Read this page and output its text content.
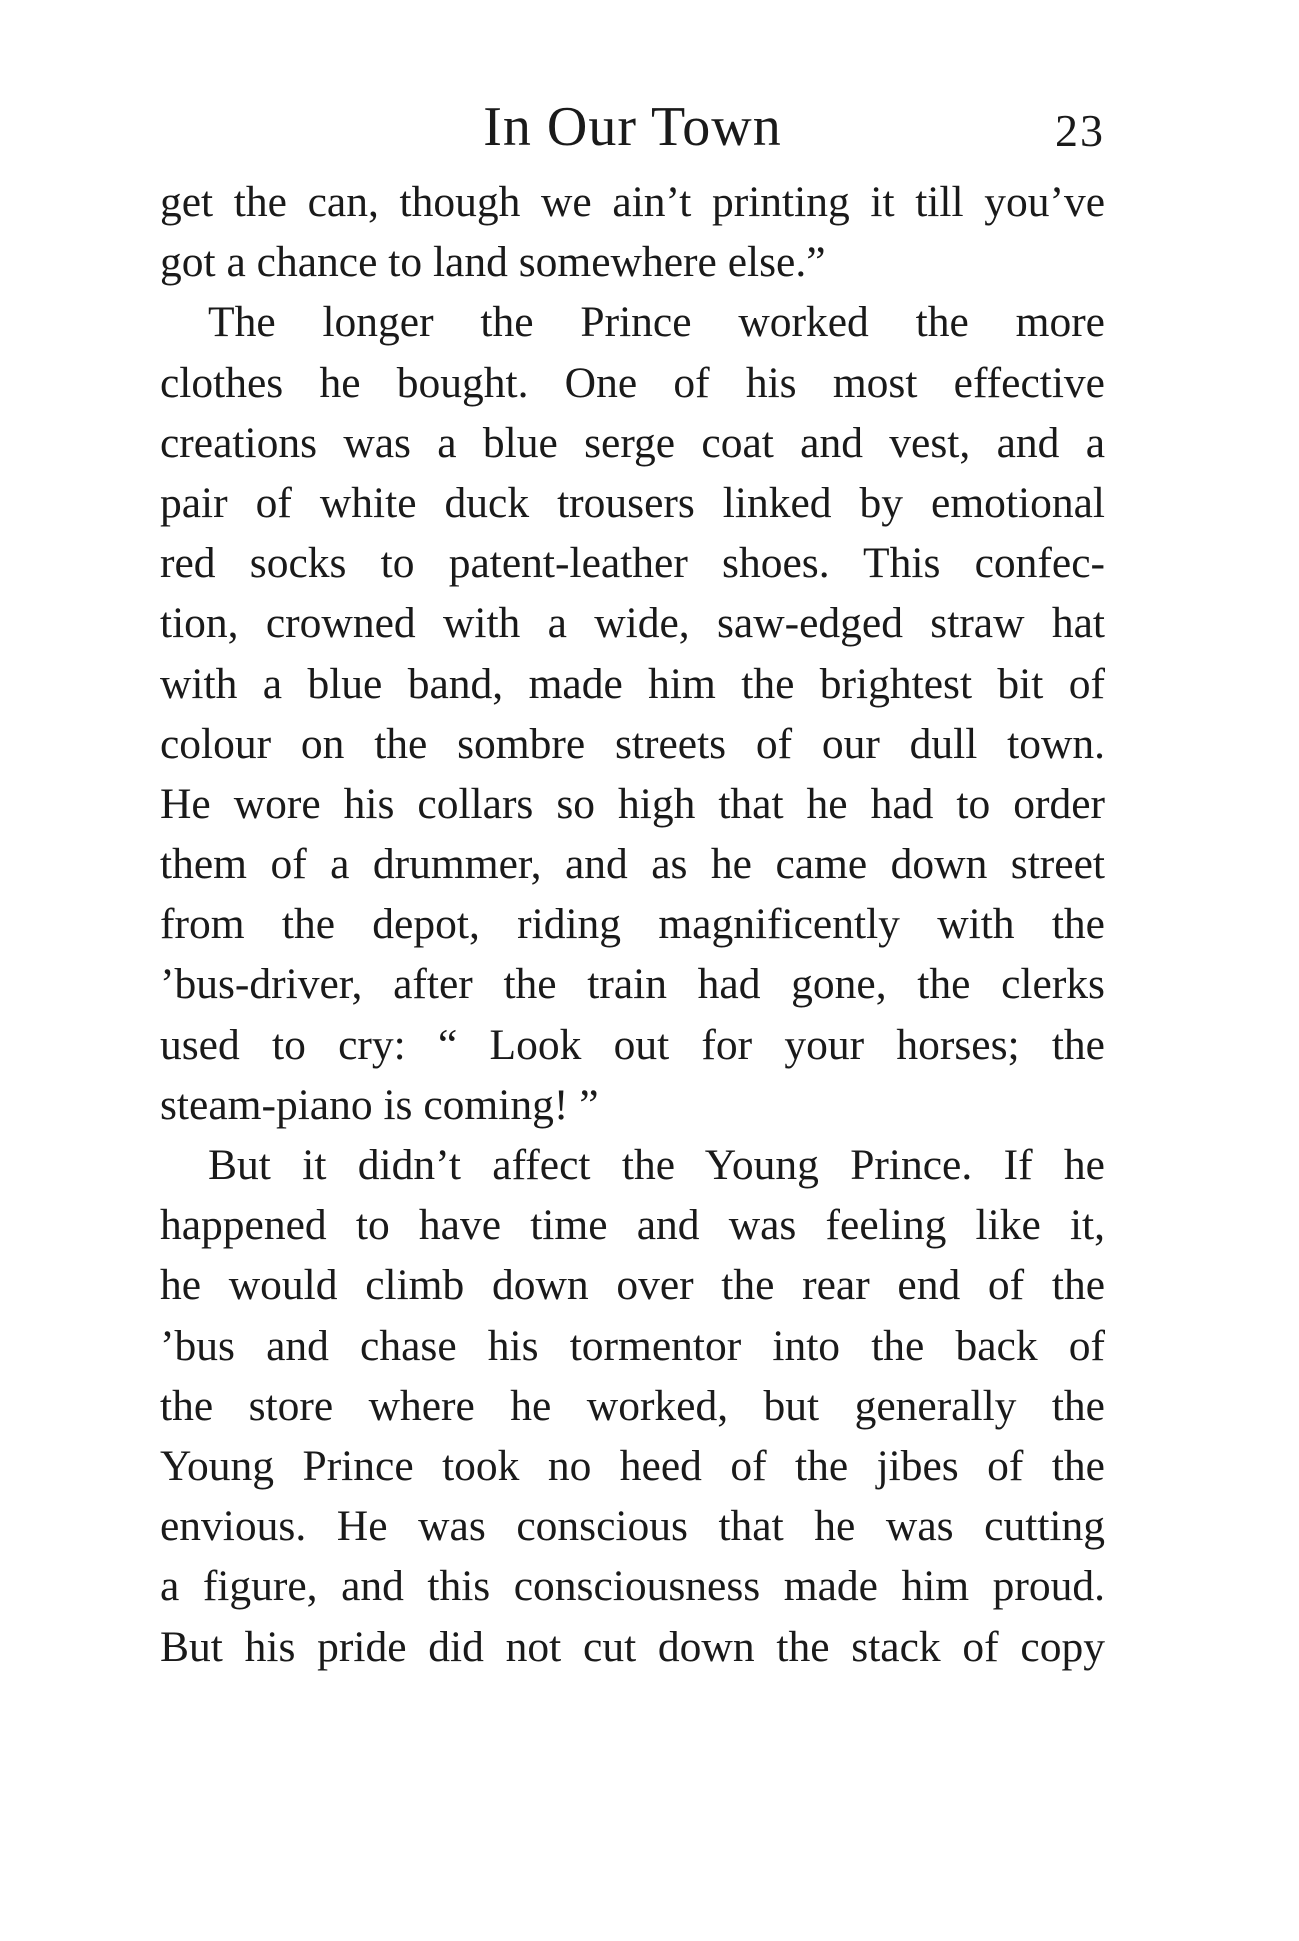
In Our Town	23
get the can, though we ain’t printing it till you’ve
got a chance to land somewhere else.”
The longer the Prince worked the more
clothes he bought. One of his most effective
creations was a blue serge coat and vest, and a
pair of white duck trousers linked by emotional
red socks to patent-leather shoes. This confec-
tion, crowned with a wide, saw-edged straw hat
with a blue band, made him the brightest bit of
colour on the sombre streets of our dull town.
He wore his collars so high that he had to order
them of a drummer, and as he came down street
from the depot, riding magnificently with the
’bus-driver, after the train had gone, the clerks
used to cry: “ Look out for your horses; the
steam-piano is coming! ”
But it didn’t affect the Young Prince. If he
happened to have time and was feeling like it,
he would climb down over the rear end of the
’bus and chase his tormentor into the back of
the store where he worked, but generally the
Young Prince took no heed of the jibes of the
envious. He was conscious that he was cutting
a figure, and this consciousness made him proud.
But his pride did not cut down the stack of copy
